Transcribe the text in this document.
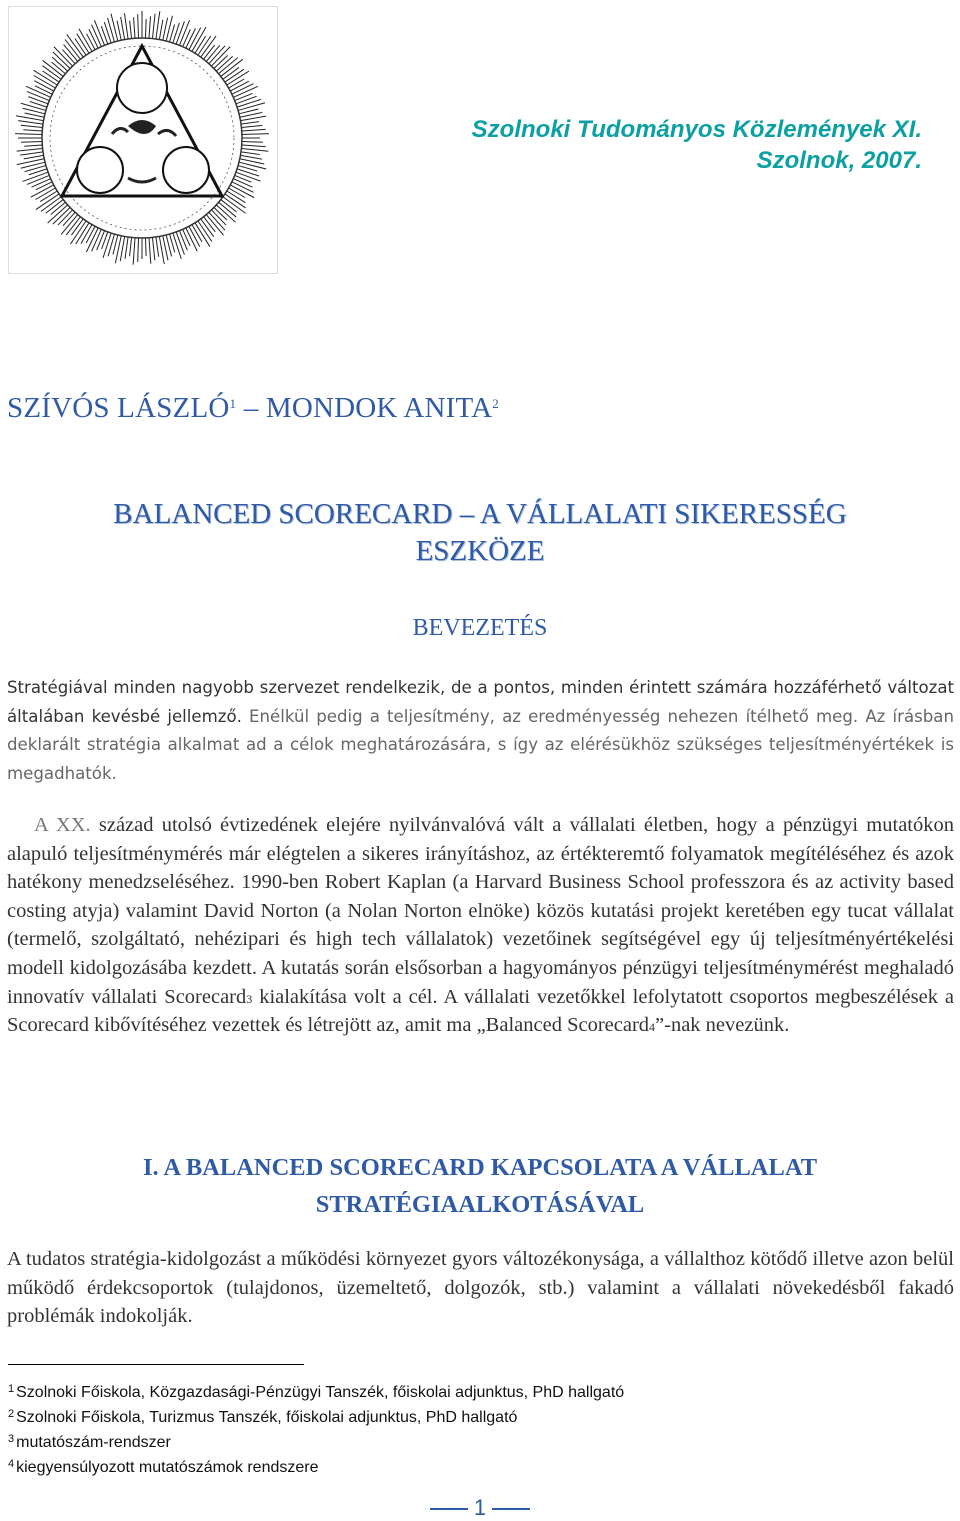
Szolnoki Tudományos Közlemények XI.
Szolnok, 2007.
SZÍVÓS LÁSZLÓ$^1$ – MONDOK ANITA$^2$
BALANCED SCORECARD – A VÁLLALATI SIKERESSÉG
ESZKÖZE
BEVEZETÉS
Stratégiával minden nagyobb szervezet rendelkezik, de a pontos, minden érintett számára hozzáférhető változat általában kevésbé jellemző. Enélkül pedig a teljesítmény, az eredményesség nehezen ítélhető meg. Az írásban deklarált stratégia alkalmat ad a célok meghatározására, s így az elérésükhöz szükséges teljesítményértékek is megadhatók.
A XX. század utolsó évtizedének elejére nyilvánvalóvá vált a vállalati életben, hogy a pénzügyi mutatókon alapuló teljesítménymérés már elégtelen a sikeres irányításhoz, az értékteremtő folyamatok megítéléséhez és azok hatékony menedzseléséhez. 1990-ben Robert Kaplan (a Harvard Business School professzora és az activity based costing atyja) valamint David Norton (a Nolan Norton elnöke) közös kutatási projekt keretében egy tucat vállalat (termelő, szolgáltató, nehézipari és high tech vállalatok) vezetőinek segítségével egy új teljesítményértékelési modell kidolgozásába kezdett. A kutatás során elsősorban a hagyományos pénzügyi teljesítménymérést meghaladó innovatív vállalati Scorecard$^3$ kialakítása volt a cél. A vállalati vezetőkkel lefolytatott csoportos megbeszélések a Scorecard kibővítéséhez vezettek és létrejött az, amit ma „Balanced Scorecard$^4$”-nak nevezünk.
I. A BALANCED SCORECARD KAPCSOLATA A VÁLLALAT
STRATÉGIAALKOTÁSÁVAL
A tudatos stratégia-kidolgozást a működési környezet gyors változékonysága, a vállalthoz kötődő illetve azon belül működő érdekcsoportok (tulajdonos, üzemeltető, dolgozók, stb.) valamint a vállalati növekedésből fakadó problémák indokolják.
$^1$ Szolnoki Főiskola, Közgazdasági-Pénzügyi Tanszék, főiskolai adjunktus, PhD hallgató
$^2$ Szolnoki Főiskola, Turizmus Tanszék, főiskolai adjunktus, PhD hallgató
$^3$ mutatószám-rendszer
$^4$ kiegyensúlyozott mutatószámok rendszere
1
